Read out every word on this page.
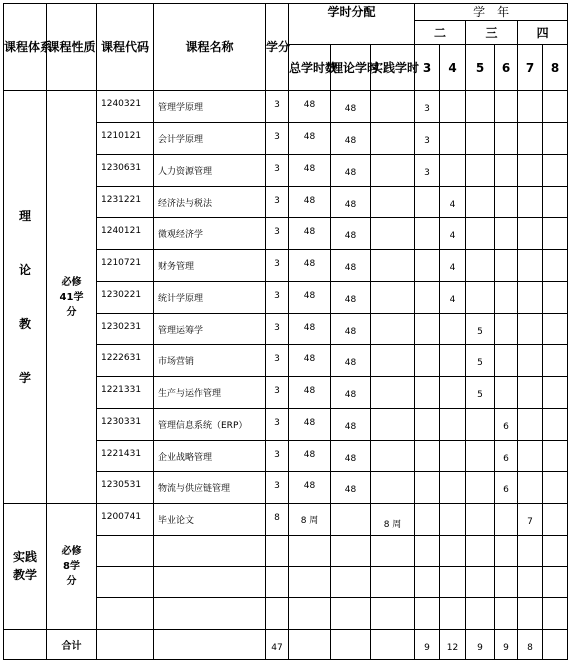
课程体系	课程性质	课程代码	课程名称	学分	学时分配			学　年					
								二		三		四	
					总学时数	理论学时	实践学时	3	4	5	6	7	8

理论教学	必修41学分	1240321	管理学原理	3	48	48		3					
		1210121	会计学原理	3	48	48		3					
		1230631	人力资源管理	3	48	48		3					
		1231221	经济法与税法	3	48	48			4				
		1240121	微观经济学	3	48	48			4				
		1210721	财务管理	3	48	48			4				
		1230221	统计学原理	3	48	48			4				
		1230231	管理运筹学	3	48	48				5			
		1222631	市场营销	3	48	48				5			
		1221331	生产与运作管理	3	48	48				5			
		1230331	管理信息系统（ERP）	3	48	48					6		
		1221431	企业战略管理	3	48	48					6		
		1230531	物流与供应链管理	3	48	48					6		

实践教学	必修8学分	1200741	毕业论文	8	8 周		8 周					7	

	合计			47				9	12	9	9	8	
